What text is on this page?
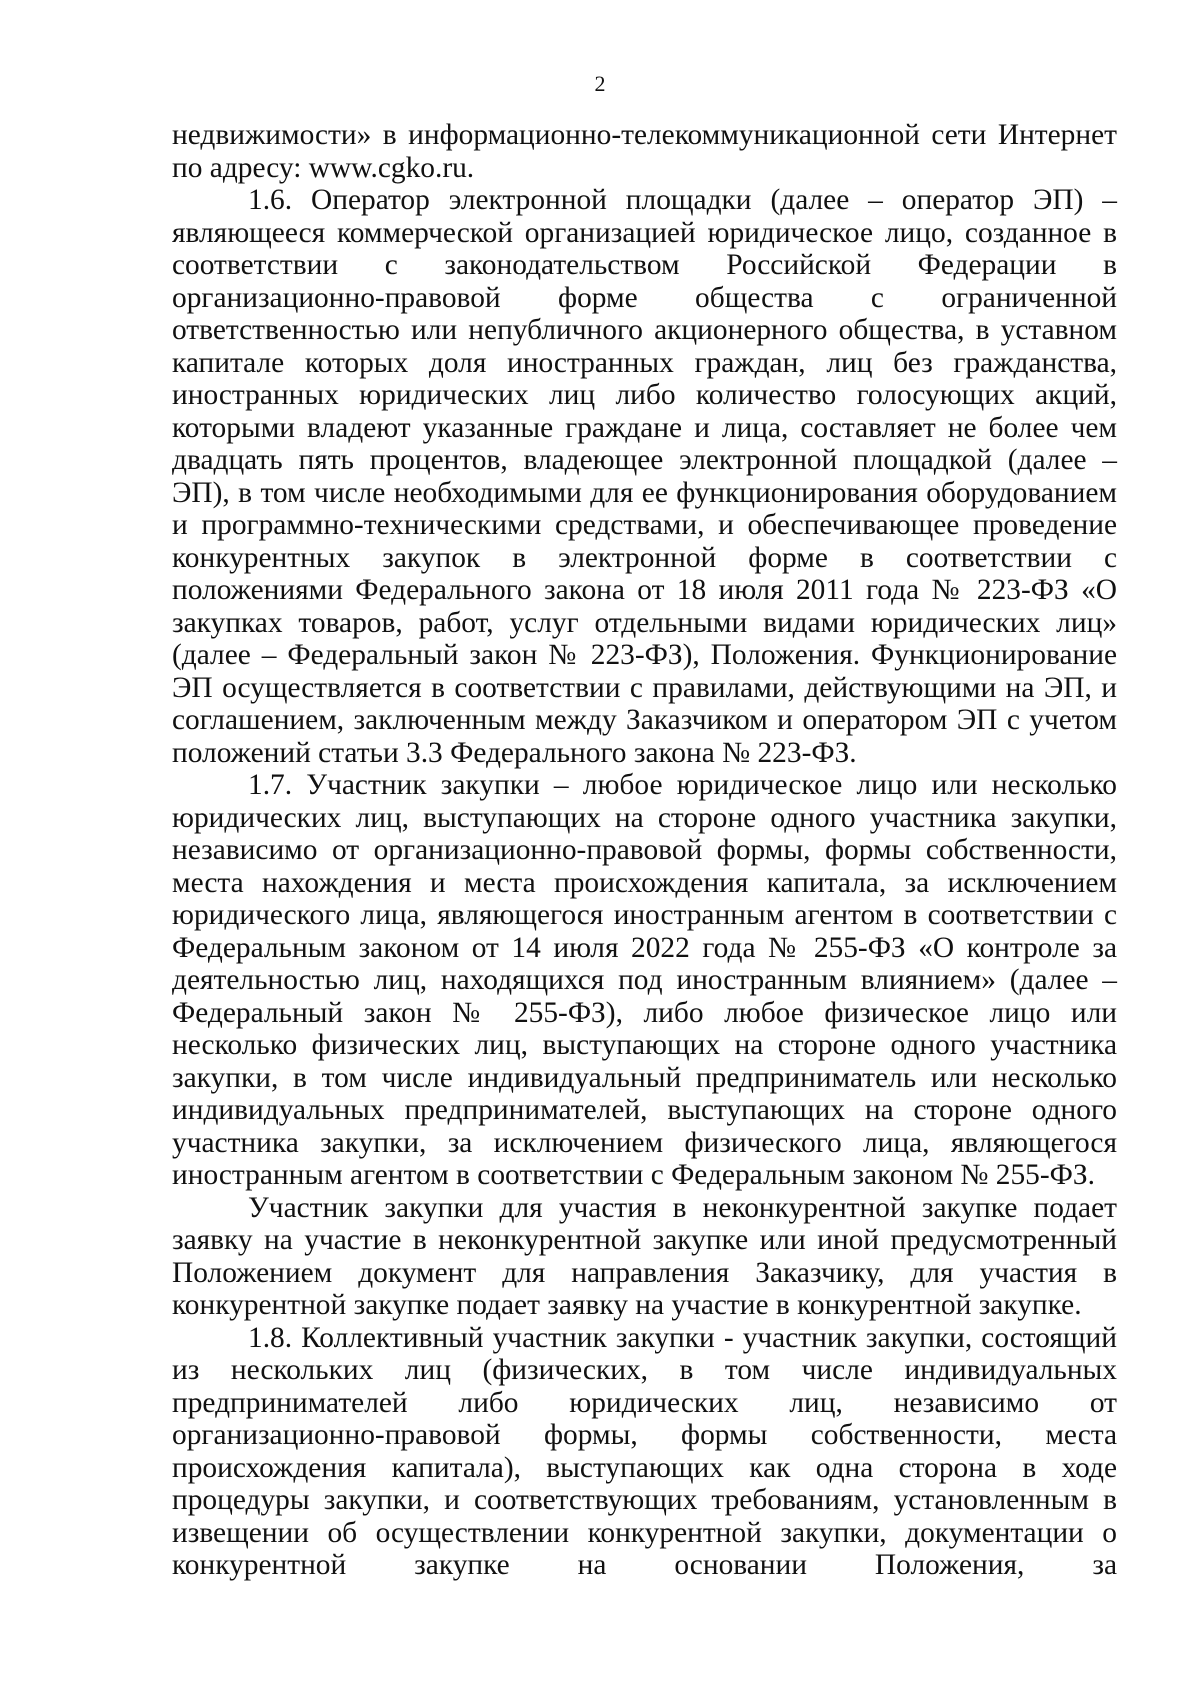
2

недвижимости» в информационно-телекоммуникационной сети Интернет по адресу: www.cgko.ru.

1.6. Оператор электронной площадки (далее – оператор ЭП) – являющееся коммерческой организацией юридическое лицо, созданное в соответствии с законодательством Российской Федерации в организационно-правовой форме общества с ограниченной ответственностью или непубличного акционерного общества, в уставном капитале которых доля иностранных граждан, лиц без гражданства, иностранных юридических лиц либо количество голосующих акций, которыми владеют указанные граждане и лица, составляет не более чем двадцать пять процентов, владеющее электронной площадкой (далее – ЭП), в том числе необходимыми для ее функционирования оборудованием и программно-техническими средствами, и обеспечивающее проведение конкурентных закупок в электронной форме в соответствии с положениями Федерального закона от 18 июля 2011 года № 223-ФЗ «О закупках товаров, работ, услуг отдельными видами юридических лиц» (далее – Федеральный закон № 223-ФЗ), Положения. Функционирование ЭП осуществляется в соответствии с правилами, действующими на ЭП, и соглашением, заключенным между Заказчиком и оператором ЭП с учетом положений статьи 3.3 Федерального закона № 223-ФЗ.

1.7. Участник закупки – любое юридическое лицо или несколько юридических лиц, выступающих на стороне одного участника закупки, независимо от организационно-правовой формы, формы собственности, места нахождения и места происхождения капитала, за исключением юридического лица, являющегося иностранным агентом в соответствии с Федеральным законом от 14 июля 2022 года № 255-ФЗ «О контроле за деятельностью лиц, находящихся под иностранным влиянием» (далее – Федеральный закон № 255-ФЗ), либо любое физическое лицо или несколько физических лиц, выступающих на стороне одного участника закупки, в том числе индивидуальный предприниматель или несколько индивидуальных предпринимателей, выступающих на стороне одного участника закупки, за исключением физического лица, являющегося иностранным агентом в соответствии с Федеральным законом № 255-ФЗ.

Участник закупки для участия в неконкурентной закупке подает заявку на участие в неконкурентной закупке или иной предусмотренный Положением документ для направления Заказчику, для участия в конкурентной закупке подает заявку на участие в конкурентной закупке.

1.8. Коллективный участник закупки - участник закупки, состоящий из нескольких лиц (физических, в том числе индивидуальных предпринимателей либо юридических лиц, независимо от организационно-правовой формы, формы собственности, места происхождения капитала), выступающих как одна сторона в ходе процедуры закупки, и соответствующих требованиям, установленным в извещении об осуществлении конкурентной закупки, документации о конкурентной закупке на основании Положения, за
